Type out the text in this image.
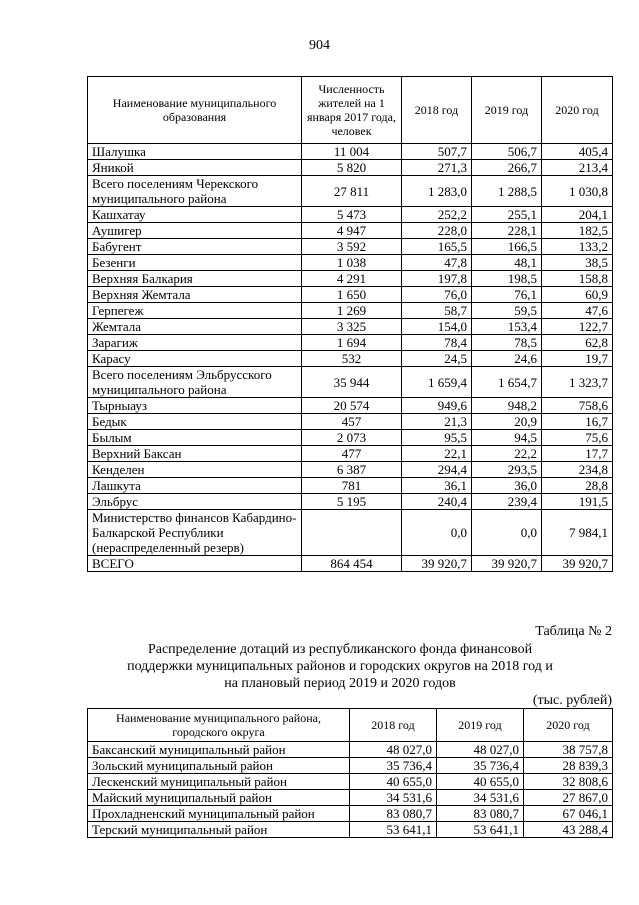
904
Наименование муниципального образования	Численность жителей на 1 января 2017 года, человек	2018 год	2019 год	2020 год
Шалушка	11 004	507,7	506,7	405,4
Яникой	5 820	271,3	266,7	213,4
Всего поселениям Черекского муниципального района	27 811	1 283,0	1 288,5	1 030,8
Кашхатау	5 473	252,2	255,1	204,1
Аушигер	4 947	228,0	228,1	182,5
Бабугент	3 592	165,5	166,5	133,2
Безенги	1 038	47,8	48,1	38,5
Верхняя Балкария	4 291	197,8	198,5	158,8
Верхняя Жемтала	1 650	76,0	76,1	60,9
Герпегеж	1 269	58,7	59,5	47,6
Жемтала	3 325	154,0	153,4	122,7
Зарагиж	1 694	78,4	78,5	62,8
Карасу	532	24,5	24,6	19,7
Всего поселениям Эльбрусского муниципального района	35 944	1 659,4	1 654,7	1 323,7
Тырныауз	20 574	949,6	948,2	758,6
Бедык	457	21,3	20,9	16,7
Былым	2 073	95,5	94,5	75,6
Верхний Баксан	477	22,1	22,2	17,7
Кенделен	6 387	294,4	293,5	234,8
Лашкута	781	36,1	36,0	28,8
Эльбрус	5 195	240,4	239,4	191,5
Министерство финансов Кабардино-Балкарской Республики (нераспределенный резерв)		0,0	0,0	7 984,1
ВСЕГО	864 454	39 920,7	39 920,7	39 920,7
Таблица № 2
Распределение дотаций из республиканского фонда финансовой поддержки муниципальных районов и городских округов на 2018 год и на плановый период 2019 и 2020 годов
(тыс. рублей)
Наименование муниципального района, городского округа	2018 год	2019 год	2020 год
Баксанский муниципальный район	48 027,0	48 027,0	38 757,8
Зольский муниципальный район	35 736,4	35 736,4	28 839,3
Лескенский муниципальный район	40 655,0	40 655,0	32 808,6
Майский муниципальный район	34 531,6	34 531,6	27 867,0
Прохладненский муниципальный район	83 080,7	83 080,7	67 046,1
Терский муниципальный район	53 641,1	53 641,1	43 288,4
